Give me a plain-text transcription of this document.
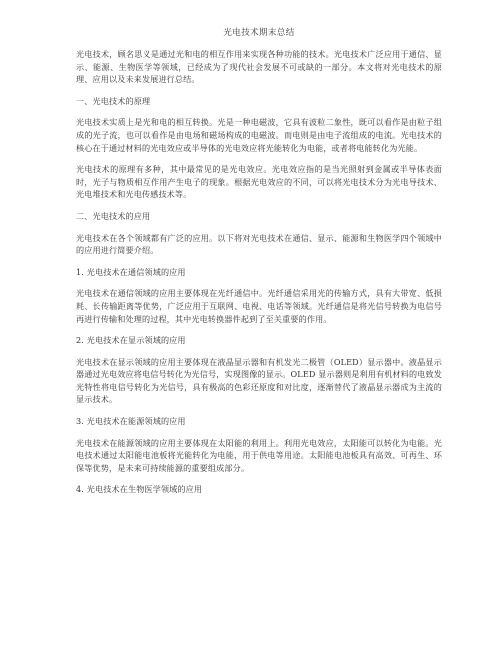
光电技术期末总结

光电技术，顾名思义是通过光和电的相互作用来实现各种功能的技术。光电技术广泛应用于通信、显示、能源、生物医学等领域，已经成为了现代社会发展不可或缺的一部分。本文将对光电技术的原理、应用以及未来发展进行总结。

一、光电技术的原理

光电技术实质上是光和电的相互转换。光是一种电磁波，它具有波粒二象性，既可以看作是由粒子组成的光子流，也可以看作是由电场和磁场构成的电磁波。而电则是由电子流组成的电流。光电技术的核心在于通过材料的光电效应或半导体的光电效应将光能转化为电能，或者将电能转化为光能。

光电技术的原理有多种，其中最常见的是光电效应。光电效应指的是当光照射到金属或半导体表面时，光子与物质相互作用产生电子的现象。根据光电效应的不同，可以将光电技术分为光电导技术、光电堆技术和光电传感技术等。

二、光电技术的应用

光电技术在各个领域都有广泛的应用。以下将对光电技术在通信、显示、能源和生物医学四个领域中的应用进行简要介绍。

1. 光电技术在通信领域的应用

光电技术在通信领域的应用主要体现在光纤通信中。光纤通信采用光的传输方式，具有大带宽、低损耗、长传输距离等优势，广泛应用于互联网、电视、电话等领域。光纤通信是将光信号转换为电信号再进行传输和处理的过程，其中光电转换器件起到了至关重要的作用。

2. 光电技术在显示领域的应用

光电技术在显示领域的应用主要体现在液晶显示器和有机发光二极管（OLED）显示器中。液晶显示器通过光电效应将电信号转化为光信号，实现图像的显示。OLED 显示器则是利用有机材料的电致发光特性将电信号转化为光信号，具有极高的色彩还原度和对比度，逐渐替代了液晶显示器成为主流的显示技术。

3. 光电技术在能源领域的应用

光电技术在能源领域的应用主要体现在太阳能的利用上。利用光电效应，太阳能可以转化为电能。光电技术通过太阳能电池板将光能转化为电能，用于供电等用途。太阳能电池板具有高效、可再生、环保等优势，是未来可持续能源的重要组成部分。

4. 光电技术在生物医学领域的应用
